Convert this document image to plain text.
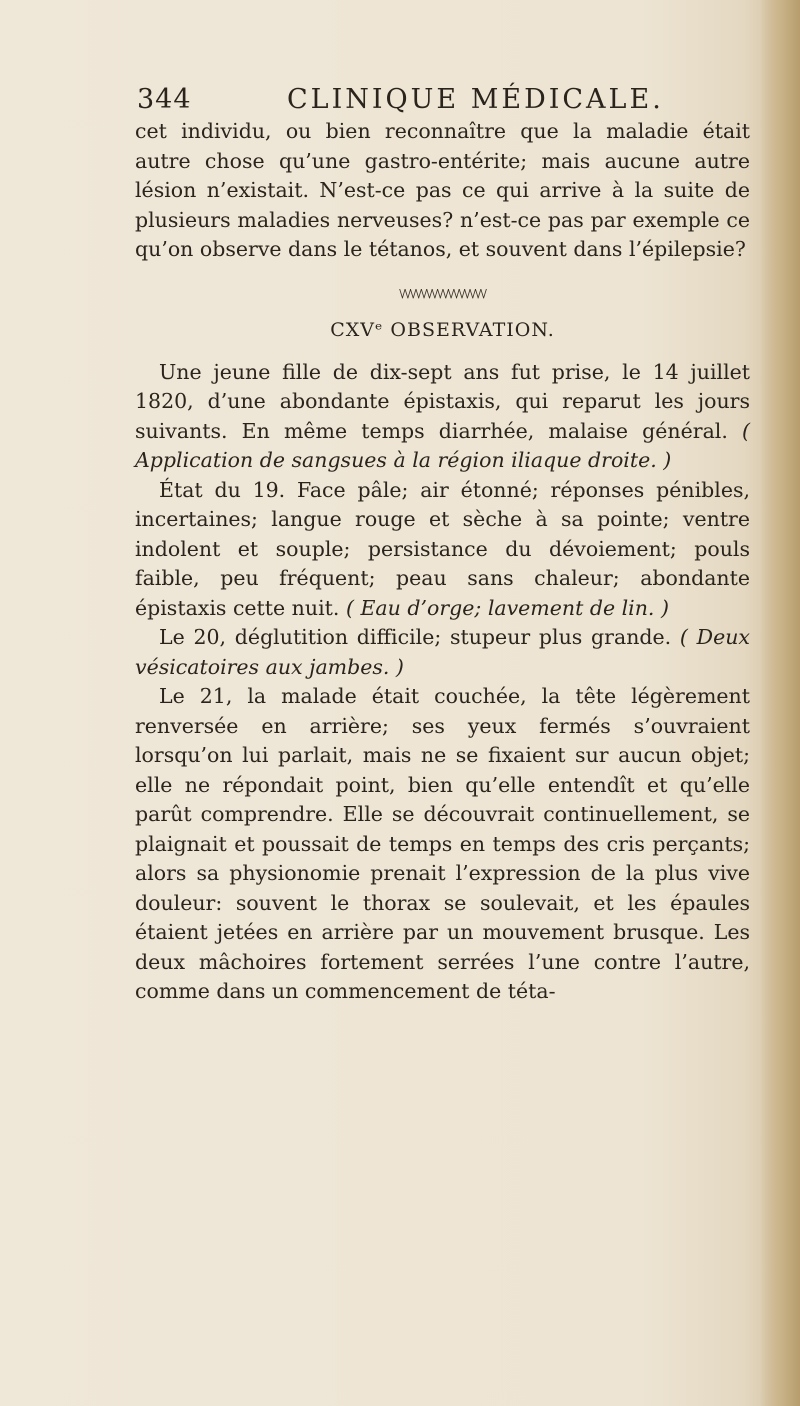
344	CLINIQUE MÉDICALE.

cet individu, ou bien reconnaître que la maladie était autre chose qu’une gastro-entérite; mais aucune autre lésion n’existait. N’est-ce pas ce qui arrive à la suite de plusieurs maladies nerveuses? n’est-ce pas par exemple ce qu’on observe dans le tétanos, et souvent dans l’épilepsie?

\/\/\/\/\/\/\/\/\/\/\/\/\/\/\/\/
CXVᵉ OBSERVATION.

Une jeune fille de dix-sept ans fut prise, le 14 juillet 1820, d’une abondante épistaxis, qui reparut les jours suivants. En même temps diarrhée, malaise général. ( Application de sangsues à la région iliaque droite. )

État du 19. Face pâle; air étonné; réponses pénibles, incertaines; langue rouge et sèche à sa pointe; ventre indolent et souple; persistance du dévoiement; pouls faible, peu fréquent; peau sans chaleur; abondante épistaxis cette nuit. ( Eau d’orge; lavement de lin. )

Le 20, déglutition difficile; stupeur plus grande. ( Deux vésicatoires aux jambes. )

Le 21, la malade était couchée, la tête légèrement renversée en arrière; ses yeux fermés s’ouvraient lorsqu’on lui parlait, mais ne se fixaient sur aucun objet; elle ne répondait point, bien qu’elle entendît et qu’elle parût comprendre. Elle se découvrait continuellement, se plaignait et poussait de temps en temps des cris perçants; alors sa physionomie prenait l’expression de la plus vive douleur: souvent le thorax se soulevait, et les épaules étaient jetées en arrière par un mouvement brusque. Les deux mâchoires fortement serrées l’une contre l’autre, comme dans un commencement de téta-
